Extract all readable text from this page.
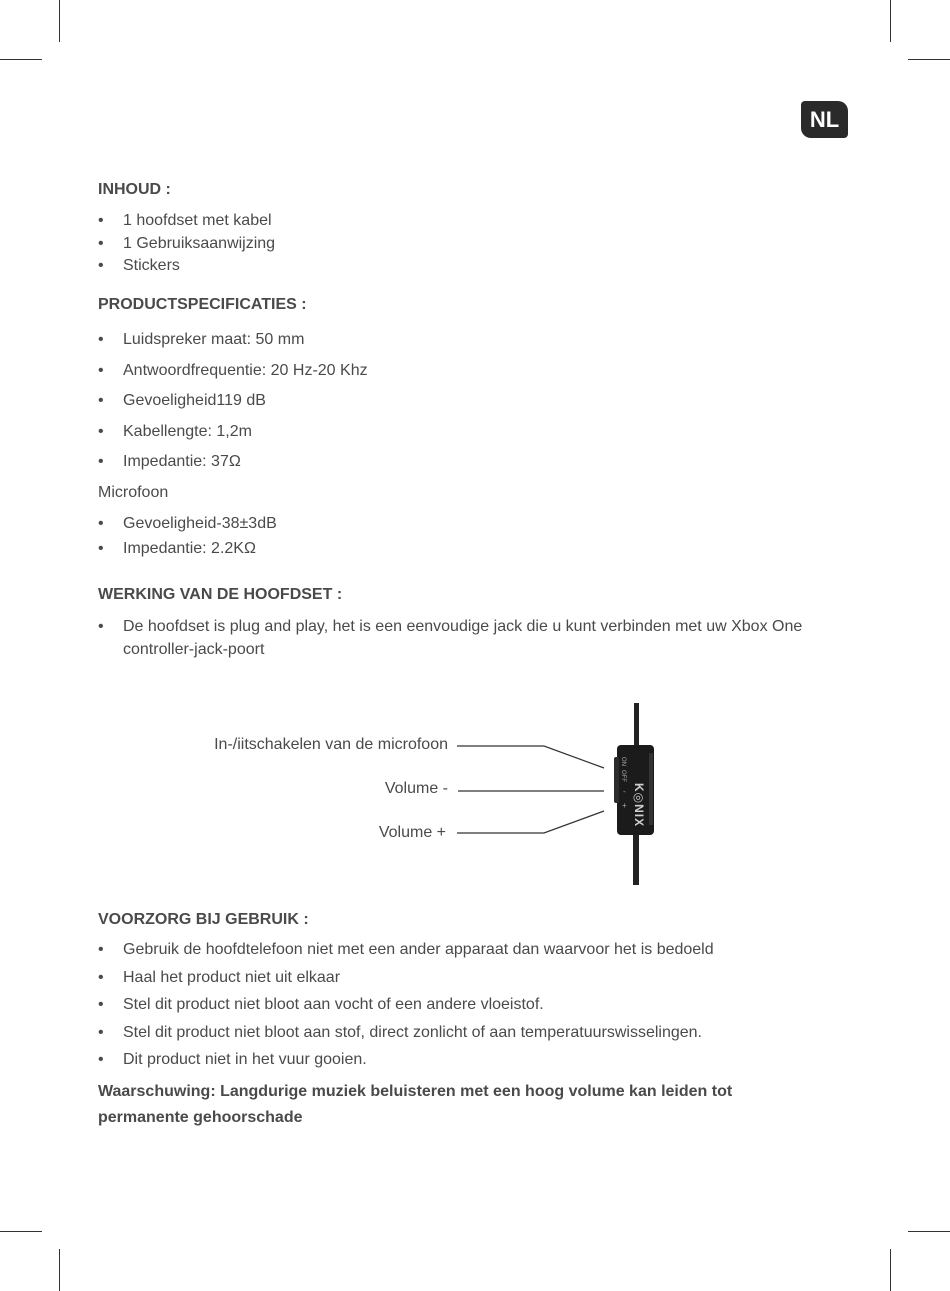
NL

INHOUD :

• 1 hoofdset met kabel
• 1 Gebruiksaanwijzing
• Stickers

PRODUCTSPECIFICATIES :

• Luidspreker maat: 50 mm
• Antwoordfrequentie: 20 Hz-20 Khz
• Gevoeligheid119 dB
• Kabellengte: 1,2m
• Impedantie: 37Ω

Microfoon

• Gevoeligheid-38±3dB
• Impedantie: 2.2KΩ

WERKING VAN DE HOOFDSET :

• De hoofdset is plug and play, het is een eenvoudige jack die u kunt verbinden met uw Xbox One controller-jack-poort
In-/iitschakelen van de microfoon
Volume -
Volume +
K◎NIX
ON
OFF
-
+

VOORZORG BIJ GEBRUIK :

• Gebruik de hoofdtelefoon niet met een ander apparaat dan waarvoor het is bedoeld
• Haal het product niet uit elkaar
• Stel dit product niet bloot aan vocht of een andere vloeistof.
• Stel dit product niet bloot aan stof, direct zonlicht of aan temperatuurswisselingen.
• Dit product niet in het vuur gooien.

Waarschuwing: Langdurige muziek beluisteren met een hoog volume kan leiden tot permanente gehoorschade
